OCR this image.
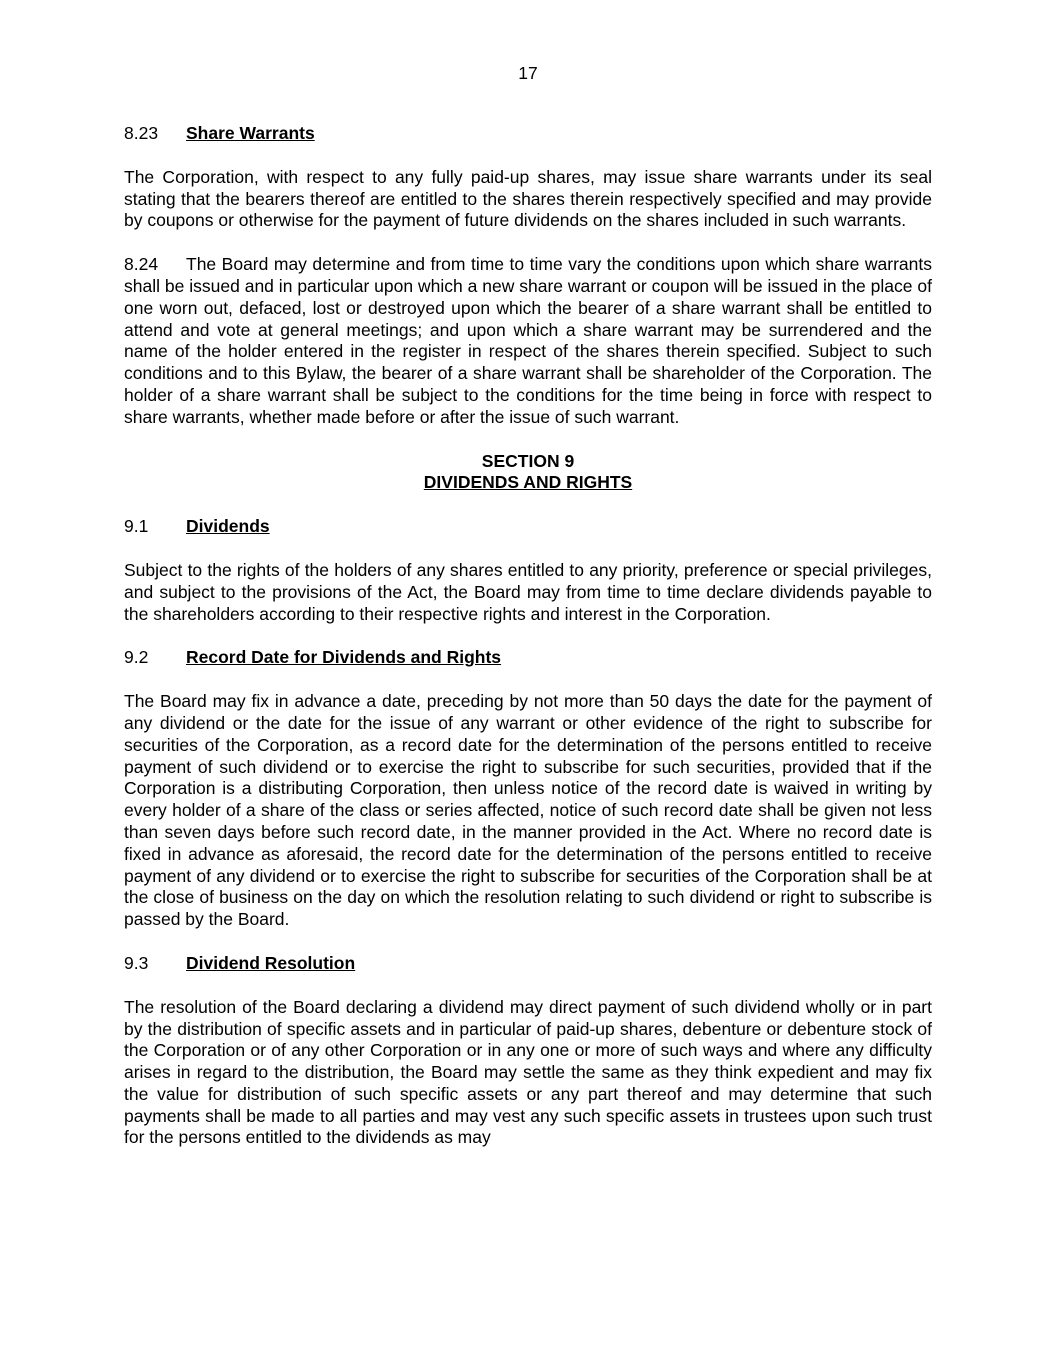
17
8.23 Share Warrants

The Corporation, with respect to any fully paid-up shares, may issue share warrants under its seal stating that the bearers thereof are entitled to the shares therein respectively specified and may provide by coupons or otherwise for the payment of future dividends on the shares included in such warrants.

8.24 The Board may determine and from time to time vary the conditions upon which share warrants shall be issued and in particular upon which a new share warrant or coupon will be issued in the place of one worn out, defaced, lost or destroyed upon which the bearer of a share warrant shall be entitled to attend and vote at general meetings; and upon which a share warrant may be surrendered and the name of the holder entered in the register in respect of the shares therein specified. Subject to such conditions and to this Bylaw, the bearer of a share warrant shall be shareholder of the Corporation. The holder of a share warrant shall be subject to the conditions for the time being in force with respect to share warrants, whether made before or after the issue of such warrant.

SECTION 9
DIVIDENDS AND RIGHTS
9.1 Dividends

Subject to the rights of the holders of any shares entitled to any priority, preference or special privileges, and subject to the provisions of the Act, the Board may from time to time declare dividends payable to the shareholders according to their respective rights and interest in the Corporation.

9.2 Record Date for Dividends and Rights

The Board may fix in advance a date, preceding by not more than 50 days the date for the payment of any dividend or the date for the issue of any warrant or other evidence of the right to subscribe for securities of the Corporation, as a record date for the determination of the persons entitled to receive payment of such dividend or to exercise the right to subscribe for such securities, provided that if the Corporation is a distributing Corporation, then unless notice of the record date is waived in writing by every holder of a share of the class or series affected, notice of such record date shall be given not less than seven days before such record date, in the manner provided in the Act. Where no record date is fixed in advance as aforesaid, the record date for the determination of the persons entitled to receive payment of any dividend or to exercise the right to subscribe for securities of the Corporation shall be at the close of business on the day on which the resolution relating to such dividend or right to subscribe is passed by the Board.

9.3 Dividend Resolution

The resolution of the Board declaring a dividend may direct payment of such dividend wholly or in part by the distribution of specific assets and in particular of paid-up shares, debenture or debenture stock of the Corporation or of any other Corporation or in any one or more of such ways and where any difficulty arises in regard to the distribution, the Board may settle the same as they think expedient and may fix the value for distribution of such specific assets or any part thereof and may determine that such payments shall be made to all parties and may vest any such specific assets in trustees upon such trust for the persons entitled to the dividends as may
